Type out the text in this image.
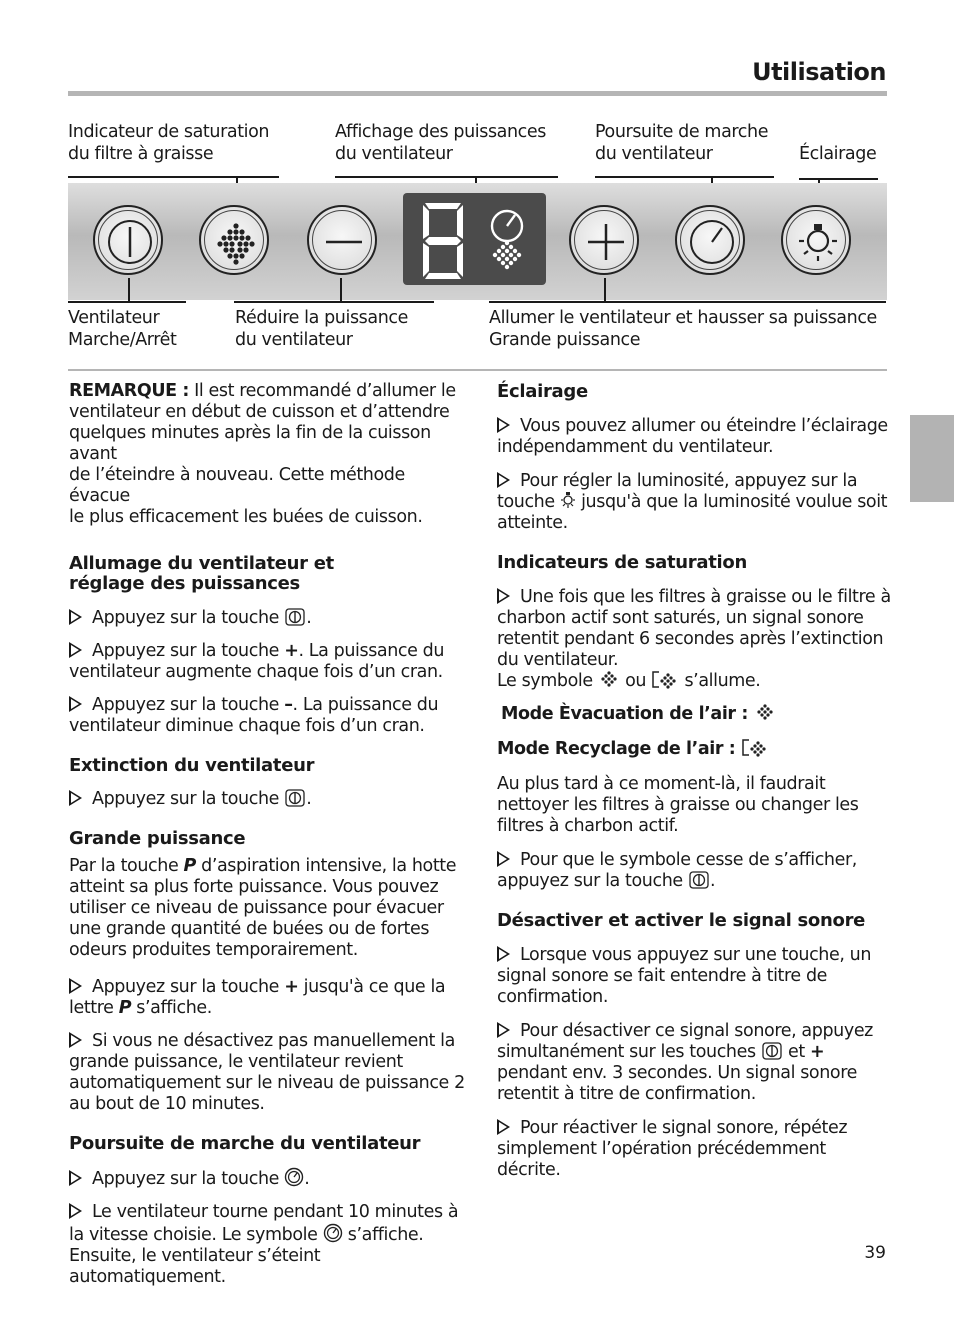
Utilisation
Indicateur de saturation
du filtre à graisse
Affichage des puissances
du ventilateur
Poursuite de marche
du ventilateur	Éclairage
Ventilateur
Marche/Arrêt
Réduire la puissance
du ventilateur
Allumer le ventilateur et hausser sa puissance
Grande puissance

REMARQUE : Il est recommandé d’allumer le

ventilateur en début de cuisson et d’attendre

quelques minutes après la fin de la cuisson avant

de l’éteindre à nouveau. Cette méthode évacue

le plus efficacement les buées de cuisson.

Allumage du ventilateur et
réglage des puissances

Appuyez sur la touche .

Appuyez sur la touche +. La puissance du

ventilateur augmente chaque fois d’un cran.

Appuyez sur la touche –. La puissance du

ventilateur diminue chaque fois d’un cran.

Extinction du ventilateur

Appuyez sur la touche .

Grande puissance

Par la touche P d’aspiration intensive, la hotte

atteint sa plus forte puissance. Vous pouvez

utiliser ce niveau de puissance pour évacuer

une grande quantité de buées ou de fortes

odeurs produites temporairement.

Appuyez sur la touche + jusqu'à ce que la

lettre P s’affiche.

Si vous ne désactivez pas manuellement la

grande puissance, le ventilateur revient

automatiquement sur le niveau de puissance 2

au bout de 10 minutes.

Poursuite de marche du ventilateur

Appuyez sur la touche .

Le ventilateur tourne pendant 10 minutes à

la vitesse choisie. Le symbole  s’affiche.

Ensuite, le ventilateur s’éteint

automatiquement.

Éclairage

Vous pouvez allumer ou éteindre l’éclairage

indépendamment du ventilateur.

Pour régler la luminosité, appuyez sur la

touche  jusqu'à que la luminosité voulue soit

atteinte.

Indicateurs de saturation

Une fois que les filtres à graisse ou le filtre à

charbon actif sont saturés, un signal sonore

retentit pendant 6 secondes après l’extinction

du ventilateur.

Le symbole ou s’allume.

Mode Èvacuation de l’air :

Mode Recyclage de l’air :

Au plus tard à ce moment-là, il faudrait

nettoyer les filtres à graisse ou changer les

filtres à charbon actif.

Pour que le symbole cesse de s’afficher,

appuyez sur la touche .

Désactiver et activer le signal sonore

Lorsque vous appuyez sur une touche, un

signal sonore se fait entendre à titre de

confirmation.

Pour désactiver ce signal sonore, appuyez

simultanément sur les touches et +

pendant env. 3 secondes. Un signal sonore

retentit à titre de confirmation.

Pour réactiver le signal sonore, répétez

simplement l’opération précédemment

décrite.

39
